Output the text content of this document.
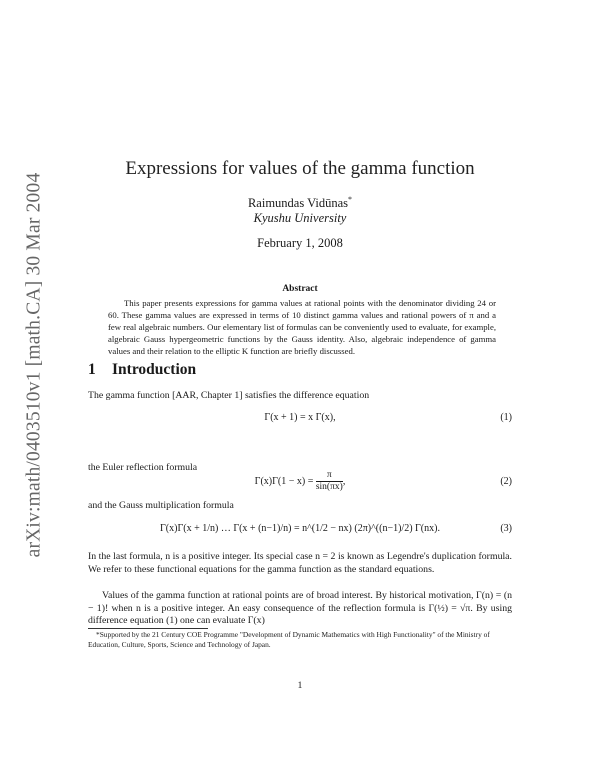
arXiv:math/0403510v1 [math.CA] 30 Mar 2004
Expressions for values of the gamma function
Raimundas Vidūnas*
Kyushu University
February 1, 2008
Abstract
This paper presents expressions for gamma values at rational points with the denominator dividing 24 or 60. These gamma values are expressed in terms of 10 distinct gamma values and rational powers of π and a few real algebraic numbers. Our elementary list of formulas can be conveniently used to evaluate, for example, algebraic Gauss hypergeometric functions by the Gauss identity. Also, algebraic independence of gamma values and their relation to the elliptic K function are briefly discussed.
1 Introduction
The gamma function [AAR, Chapter 1] satisfies the difference equation
Γ(x + 1) = x Γ(x),	(1)
the Euler reflection formula
$\Gamma(x)\Gamma(1 - x) = \frac{\pi}{\sin(\pi x)}$ ,	(2)
and the Gauss multiplication formula
Γ(x)Γ(x + 1/n) … Γ(x + (n−1)/n) = n^(1/2 − nx) (2π)^((n−1)/2) Γ(nx).	(3)
In the last formula, n is a positive integer. Its special case n = 2 is known as Legendre's duplication formula. We refer to these functional equations for the gamma function as the standard equations.
Values of the gamma function at rational points are of broad interest. By historical motivation, Γ(n) = (n − 1)! when n is a positive integer. An easy consequence of the reflection formula is Γ(½) = √π. By using difference equation (1) one can evaluate Γ(x)
*Supported by the 21 Century COE Programme "Development of Dynamic Mathematics with High Functionality" of the Ministry of Education, Culture, Sports, Science and Technology of Japan.
1
